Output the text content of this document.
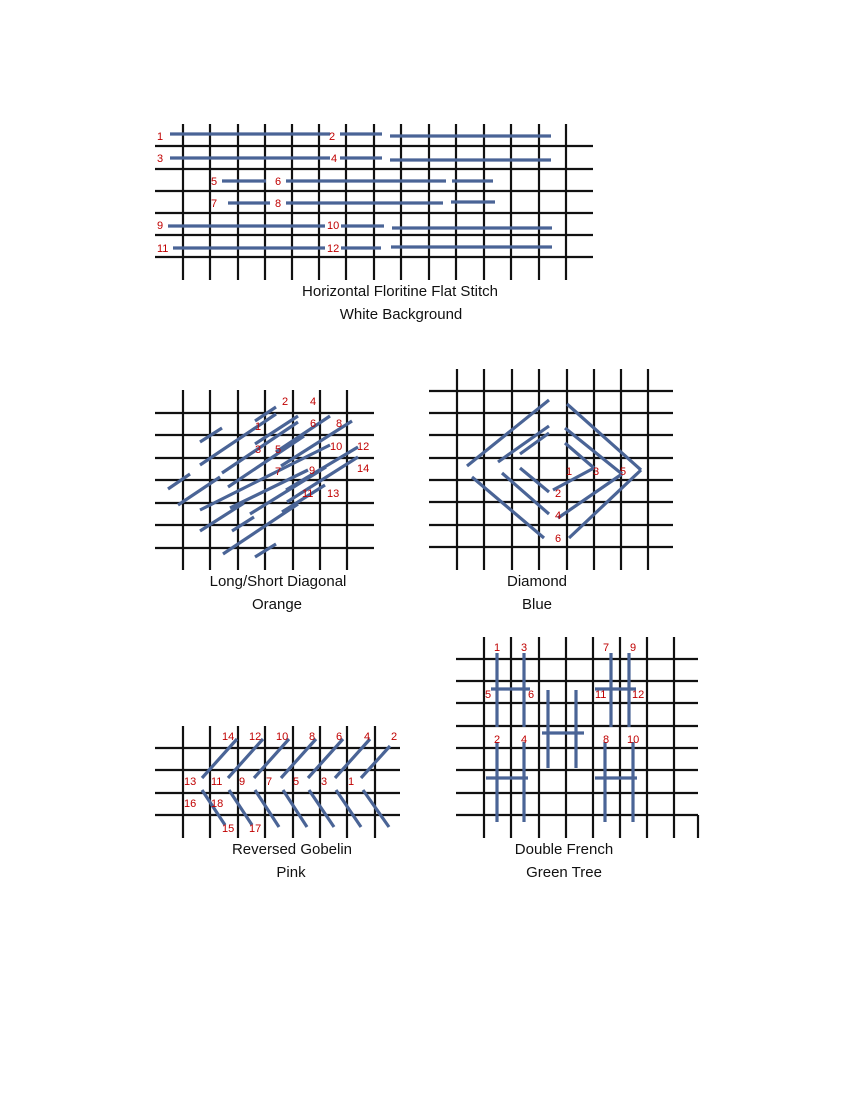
1	2
3	4
5	6
7	8
9	10
11	12
Horizontal Floritine Flat Stitch
White Background
1
2
3
4
5
6
7
8
9
10
11
12
13
14
Long/Short Diagonal
Orange
1
2
3
4
5
6
Diamond
Blue
1
2
3
4
5
6
7
8
9
10
11
12
13
14
15
16
17
18
Reversed Gobelin
Pink
1
2
3
4
5	6
7
8
9
10
11 12
Double French
Green Tree
